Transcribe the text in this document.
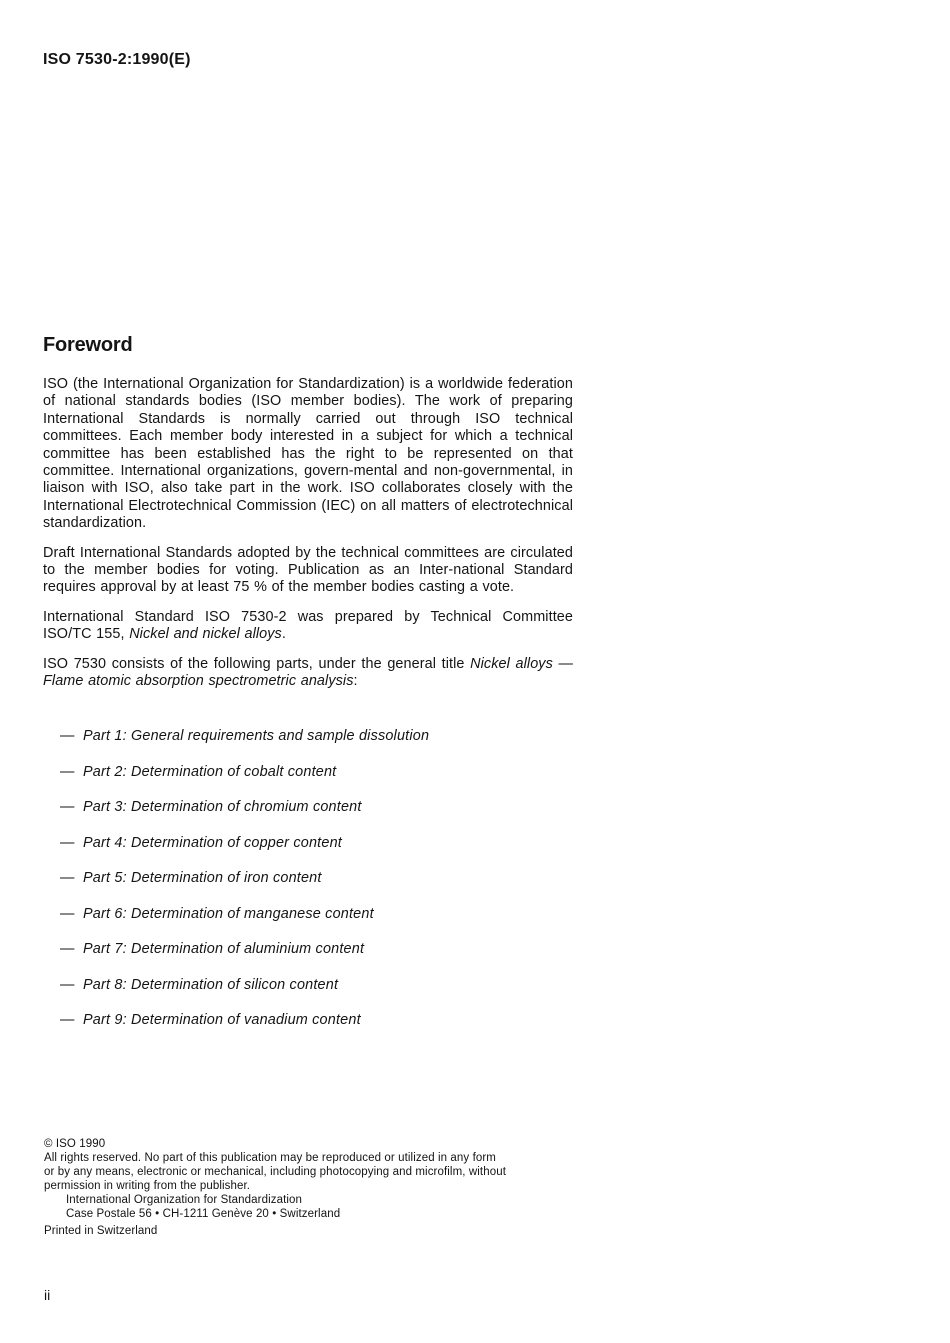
ISO 7530-2:1990(E)
Foreword

ISO (the International Organization for Standardization) is a worldwide federation of national standards bodies (ISO member bodies). The work of preparing International Standards is normally carried out through ISO technical committees. Each member body interested in a subject for which a technical committee has been established has the right to be represented on that committee. International organizations, govern-mental and non-governmental, in liaison with ISO, also take part in the work. ISO collaborates closely with the International Electrotechnical Commission (IEC) on all matters of electrotechnical standardization.

Draft International Standards adopted by the technical committees are circulated to the member bodies for voting. Publication as an Inter-national Standard requires approval by at least 75 % of the member bodies casting a vote.

International Standard ISO 7530-2 was prepared by Technical Committee ISO/TC 155, Nickel and nickel alloys.

ISO 7530 consists of the following parts, under the general title Nickel alloys — Flame atomic absorption spectrometric analysis:

— Part 1: General requirements and sample dissolution
— Part 2: Determination of cobalt content
— Part 3: Determination of chromium content
— Part 4: Determination of copper content
— Part 5: Determination of iron content
— Part 6: Determination of manganese content
— Part 7: Determination of aluminium content
— Part 8: Determination of silicon content
— Part 9: Determination of vanadium content
© ISO 1990
All rights reserved. No part of this publication may be reproduced or utilized in any form
or by any means, electronic or mechanical, including photocopying and microfilm, without
permission in writing from the publisher.
International Organization for Standardization
Case Postale 56 • CH-1211 Genève 20 • Switzerland
Printed in Switzerland
ii
